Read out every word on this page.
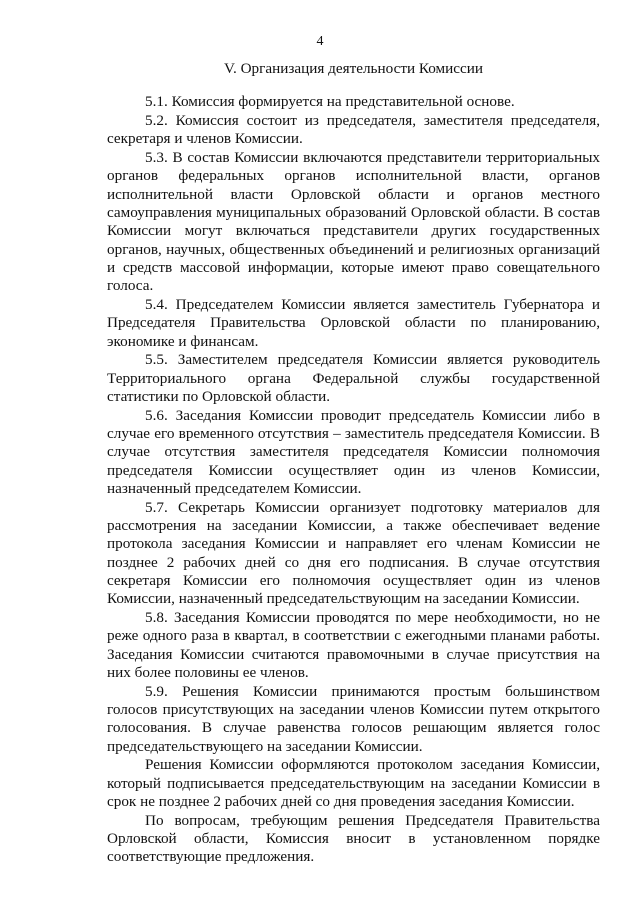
4
V. Организация деятельности Комиссии

5.1. Комиссия формируется на представительной основе.

5.2. Комиссия состоит из председателя, заместителя председателя, секретаря и членов Комиссии.

5.3. В состав Комиссии включаются представители территориальных органов федеральных органов исполнительной власти, органов исполнительной власти Орловской области и органов местного самоуправления муниципальных образований Орловской области. В состав Комиссии могут включаться представители других государственных органов, научных, общественных объединений и религиозных организаций и средств массовой информации, которые имеют право совещательного голоса.

5.4. Председателем Комиссии является заместитель Губернатора и Председателя Правительства Орловской области по планированию, экономике и финансам.

5.5. Заместителем председателя Комиссии является руководитель Территориального органа Федеральной службы государственной статистики по Орловской области.

5.6. Заседания Комиссии проводит председатель Комиссии либо в случае его временного отсутствия – заместитель председателя Комиссии. В случае отсутствия заместителя председателя Комиссии полномочия председателя Комиссии осуществляет один из членов Комиссии, назначенный председателем Комиссии.

5.7. Секретарь Комиссии организует подготовку материалов для рассмотрения на заседании Комиссии, а также обеспечивает ведение протокола заседания Комиссии и направляет его членам Комиссии не позднее 2 рабочих дней со дня его подписания. В случае отсутствия секретаря Комиссии его полномочия осуществляет один из членов Комиссии, назначенный председательствующим на заседании Комиссии.

5.8. Заседания Комиссии проводятся по мере необходимости, но не реже одного раза в квартал, в соответствии с ежегодными планами работы. Заседания Комиссии считаются правомочными в случае присутствия на них более половины ее членов.

5.9. Решения Комиссии принимаются простым большинством голосов присутствующих на заседании членов Комиссии путем открытого голосования. В случае равенства голосов решающим является голос председательствующего на заседании Комиссии.

Решения Комиссии оформляются протоколом заседания Комиссии, который подписывается председательствующим на заседании Комиссии в срок не позднее 2 рабочих дней со дня проведения заседания Комиссии.

По вопросам, требующим решения Председателя Правительства Орловской области, Комиссия вносит в установленном порядке соответствующие предложения.
